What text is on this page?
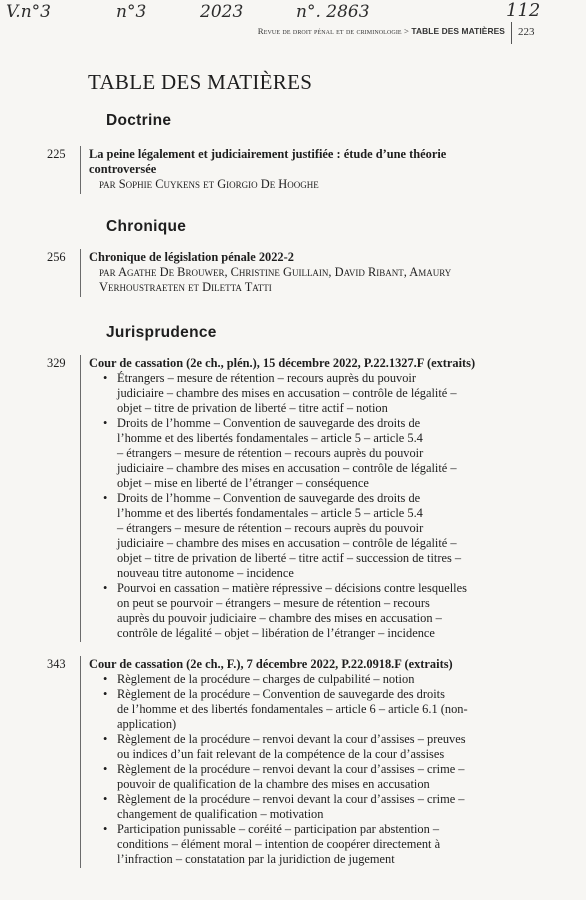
V.n°3	n°3	2023	n°. 2863	112
Revue de droit pénal et de criminologie > TABLE DES MATIÈRES 223
TABLE DES MATIÈRES
Doctrine
225 La peine légalement et judiciairement justifiée : étude d’une théorie
controversée
par Sophie Cuykens et Giorgio De Hooghe
Chronique
256 Chronique de législation pénale 2022-2
par Agathe De Brouwer, Christine Guillain, David Ribant, Amaury
Verhoustraeten et Diletta Tatti
Jurisprudence
329 Cour de cassation (2e ch., plén.), 15 décembre 2022, P.22.1327.F (extraits)
• Étrangers – mesure de rétention – recours auprès du pouvoir
judiciaire – chambre des mises en accusation – contrôle de légalité –
objet – titre de privation de liberté – titre actif – notion
• Droits de l’homme – Convention de sauvegarde des droits de
l’homme et des libertés fondamentales – article 5 – article 5.4
– étrangers – mesure de rétention – recours auprès du pouvoir
judiciaire – chambre des mises en accusation – contrôle de légalité –
objet – mise en liberté de l’étranger – conséquence
• Droits de l’homme – Convention de sauvegarde des droits de
l’homme et des libertés fondamentales – article 5 – article 5.4
– étrangers – mesure de rétention – recours auprès du pouvoir
judiciaire – chambre des mises en accusation – contrôle de légalité –
objet – titre de privation de liberté – titre actif – succession de titres –
nouveau titre autonome – incidence
• Pourvoi en cassation – matière répressive – décisions contre lesquelles
on peut se pourvoir – étrangers – mesure de rétention – recours
auprès du pouvoir judiciaire – chambre des mises en accusation –
contrôle de légalité – objet – libération de l’étranger – incidence
343 Cour de cassation (2e ch., F.), 7 décembre 2022, P.22.0918.F (extraits)
• Règlement de la procédure – charges de culpabilité – notion
• Règlement de la procédure – Convention de sauvegarde des droits
de l’homme et des libertés fondamentales – article 6 – article 6.1 (non-
application)
• Règlement de la procédure – renvoi devant la cour d’assises – preuves
ou indices d’un fait relevant de la compétence de la cour d’assises
• Règlement de la procédure – renvoi devant la cour d’assises – crime –
pouvoir de qualification de la chambre des mises en accusation
• Règlement de la procédure – renvoi devant la cour d’assises – crime –
changement de qualification – motivation
• Participation punissable – coréité – participation par abstention –
conditions – élément moral – intention de coopérer directement à
l’infraction – constatation par la juridiction de jugement
